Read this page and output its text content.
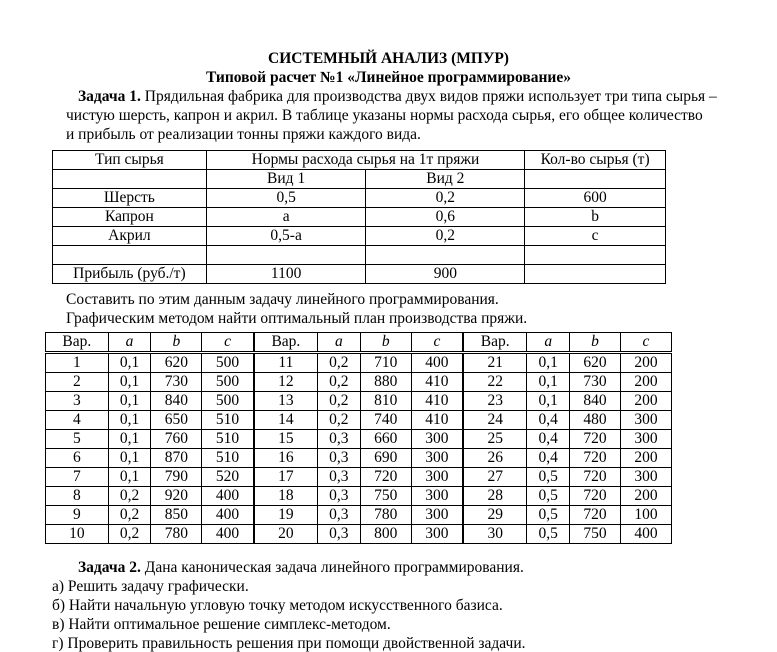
СИСТЕМНЫЙ АНАЛИЗ (МПУР)
Типовой расчет №1 «Линейное программирование»
Задача 1. Прядильная фабрика для производства двух видов пряжи использует три типа сырья –
чистую шерсть, капрон и акрил. В таблице указаны нормы расхода сырья, его общее количество
и прибыль от реализации тонны пряжи каждого вида.
Тип сырья	Нормы расхода сырья на 1т пряжи		Кол-во сырья (т)
	Вид 1	Вид 2	
Шерсть	0,5	0,2	600
Капрон	a	0,6	b
Акрил	0,5-a	0,2	c

Прибыль (руб./т)	1100	900	
Составить по этим данным задачу линейного программирования.
Графическим методом найти оптимальный план производства пряжи.
Вар.	a	b	c	Вар.	a	b	c	Вар.	a	b	c
1	0,1	620	500	11	0,2	710	400	21	0,1	620	200
2	0,1	730	500	12	0,2	880	410	22	0,1	730	200
3	0,1	840	500	13	0,2	810	410	23	0,1	840	200
4	0,1	650	510	14	0,2	740	410	24	0,4	480	300
5	0,1	760	510	15	0,3	660	300	25	0,4	720	300
6	0,1	870	510	16	0,3	690	300	26	0,4	720	200
7	0,1	790	520	17	0,3	720	300	27	0,5	720	300
8	0,2	920	400	18	0,3	750	300	28	0,5	720	200
9	0,2	850	400	19	0,3	780	300	29	0,5	720	100
10	0,2	780	400	20	0,3	800	300	30	0,5	750	400
Задача 2. Дана каноническая задача линейного программирования.
а) Решить задачу графически.
б) Найти начальную угловую точку методом искусственного базиса.
в) Найти оптимальное решение симплекс-методом.
г) Проверить правильность решения при помощи двойственной задачи.
